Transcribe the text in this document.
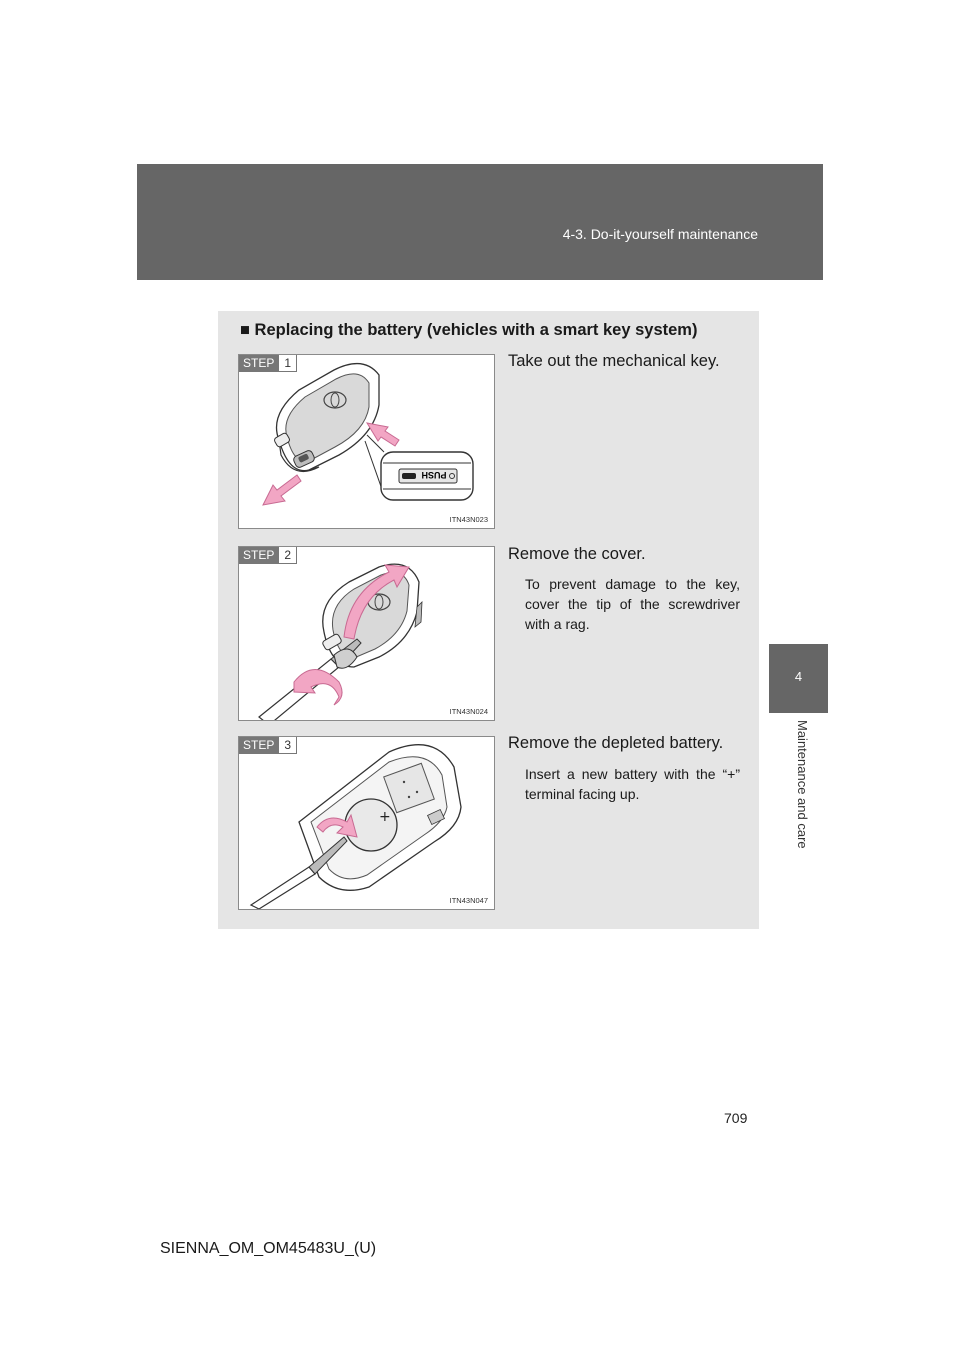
4-3. Do-it-yourself maintenance
4
Maintenance and care
■ Replacing the battery (vehicles with a smart key system)
PUSH
STEP 1
ITN43N023
Take out the mechanical key.
STEP 2
ITN43N024
Remove the cover.
To prevent damage to the key, cover the tip of the screwdriver with a rag.
+
STEP 3
ITN43N047
Remove the depleted battery.
Insert a new battery with the “+” terminal facing up.
709
SIENNA_OM_OM45483U_(U)
